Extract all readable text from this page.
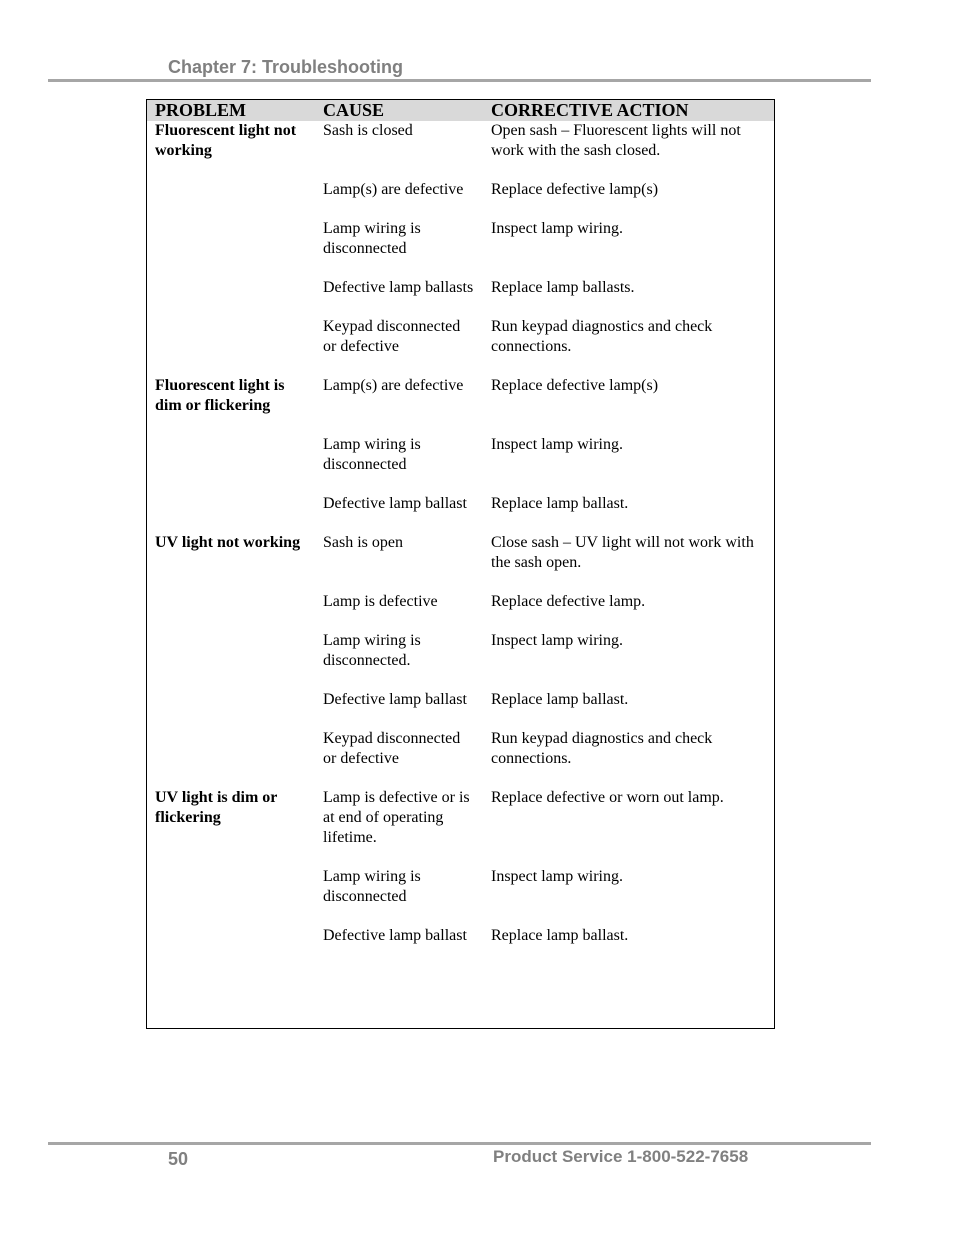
Chapter 7: Troubleshooting
PROBLEM	CAUSE	CORRECTIVE ACTION
Fluorescent light not working	Sash is closed	Open sash – Fluorescent lights will not work with the sash closed.
	Lamp(s) are defective	Replace defective lamp(s)
	Lamp wiring is disconnected	Inspect lamp wiring.
	Defective lamp ballasts	Replace lamp ballasts.
	Keypad disconnected or defective	Run keypad diagnostics and check connections.
Fluorescent light is dim or flickering	Lamp(s) are defective	Replace defective lamp(s)
	Lamp wiring is disconnected	Inspect lamp wiring.
	Defective lamp ballast	Replace lamp ballast.
UV light not working	Sash is open	Close sash – UV light will not work with the sash open.
	Lamp is defective	Replace defective lamp.
	Lamp wiring is disconnected.	Inspect lamp wiring.
	Defective lamp ballast	Replace lamp ballast.
	Keypad disconnected or defective	Run keypad diagnostics and check connections.
UV light is dim or flickering	Lamp is defective or is at end of operating lifetime.	Replace defective or worn out lamp.
	Lamp wiring is disconnected	Inspect lamp wiring.
	Defective lamp ballast	Replace lamp ballast.
50	Product Service 1-800-522-7658
